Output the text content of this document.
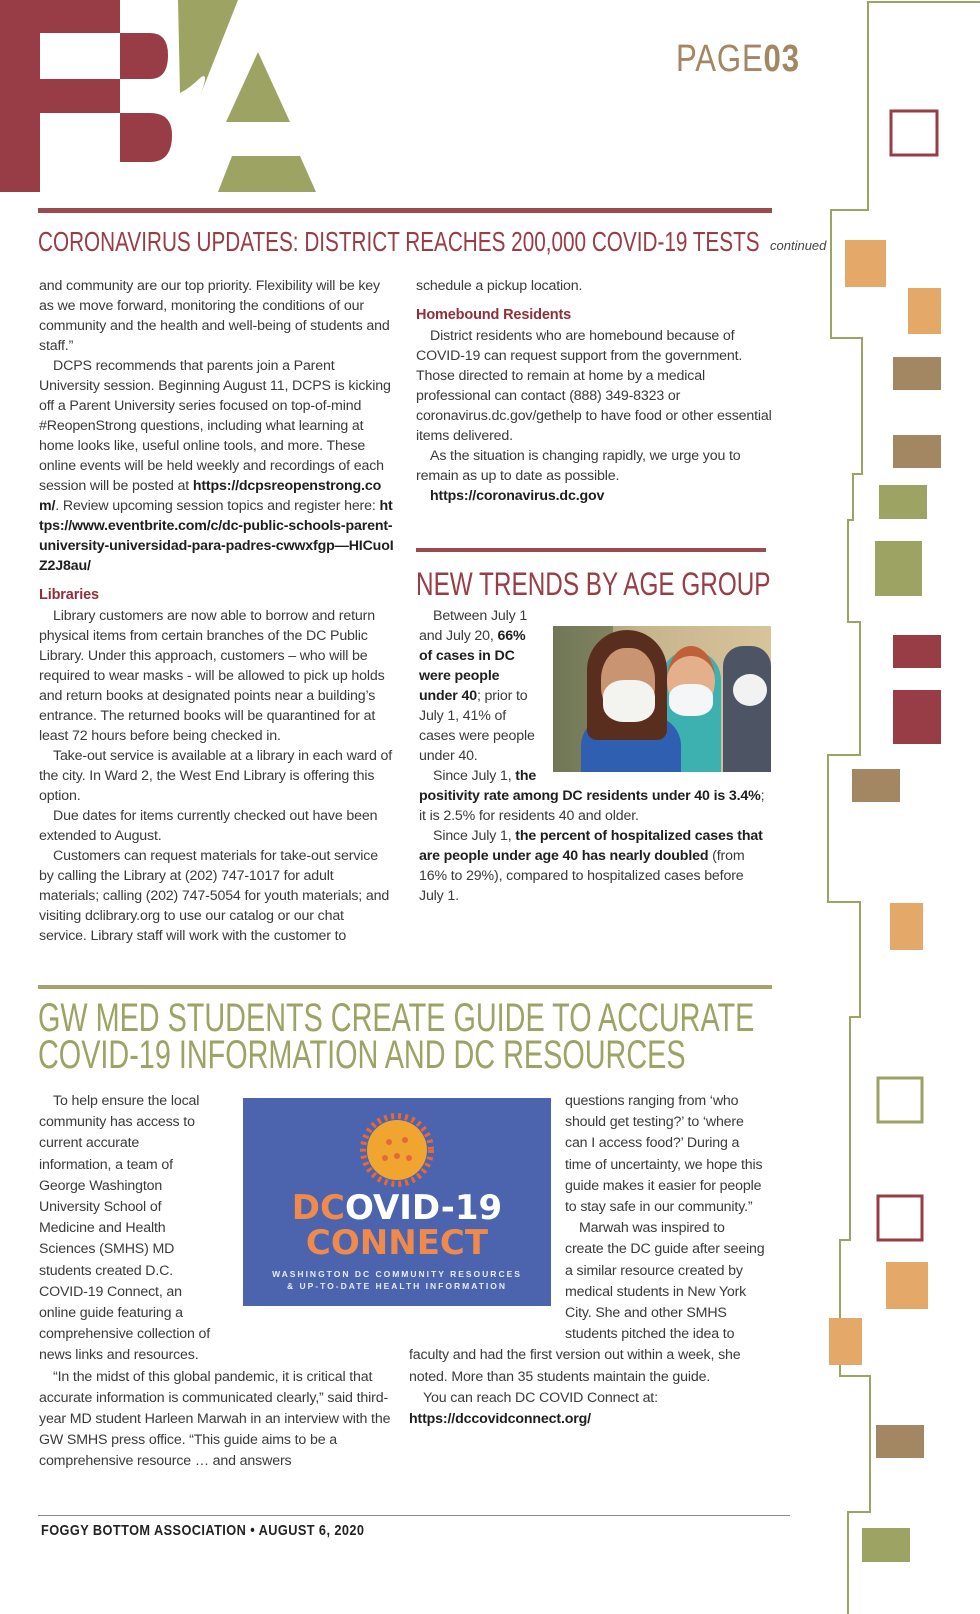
PAGE03
CORONAVIRUS UPDATES: DISTRICT REACHES 200,000 COVID-19 TESTS continued

and community are our top priority. Flexibility will be key as we move forward, monitoring the conditions of our community and the health and well-being of students and staff.”

DCPS recommends that parents join a Parent University session. Beginning August 11, DCPS is kicking off a Parent University series focused on top-of-mind #ReopenStrong questions, including what learning at home looks like, useful online tools, and more. These online events will be held weekly and recordings of each session will be posted at https://dcpsreopenstrong.com/. Review upcoming session topics and register here: https://www.eventbrite.com/c/dc-public-schools-parent-university-universidad-para-padres-cwwxfgp—HICuoIZ2J8au/

Libraries

Library customers are now able to borrow and return physical items from certain branches of the DC Public Library. Under this approach, customers – who will be required to wear masks - will be allowed to pick up holds and return books at designated points near a building’s entrance. The returned books will be quarantined for at least 72 hours before being checked in.

Take-out service is available at a library in each ward of the city. In Ward 2, the West End Library is offering this option.

Due dates for items currently checked out have been extended to August.

Customers can request materials for take-out service by calling the Library at (202) 747-1017 for adult materials; calling (202) 747-5054 for youth materials; and visiting dclibrary.org to use our catalog or our chat service. Library staff will work with the customer to

schedule a pickup location.

Homebound Residents

District residents who are homebound because of COVID-19 can request support from the government. Those directed to remain at home by a medical professional can contact (888) 349-8323 or coronavirus.dc.gov/gethelp to have food or other essential items delivered.

As the situation is changing rapidly, we urge you to remain as up to date as possible.

https://coronavirus.dc.gov

NEW TRENDS BY AGE GROUP

Between July 1 and July 20, 66% of cases in DC were people under 40; prior to July 1, 41% of cases were people under 40.

Since July 1, the positivity rate among DC residents under 40 is 3.4%; it is 2.5% for residents 40 and older.

Since July 1, the percent of hospitalized cases that are people under age 40 has nearly doubled (from 16% to 29%), compared to hospitalized cases before July 1.

GW MED STUDENTS CREATE GUIDE TO ACCURATE
COVID-19 INFORMATION AND DC RESOURCES

To help ensure the local community has access to current accurate information, a team of George Washington University School of Medicine and Health Sciences (SMHS) MD students created D.C. COVID-19 Connect, an online guide featuring a comprehensive collection of news links and resources.

“In the midst of this global pandemic, it is critical that accurate information is communicated clearly,” said third-year MD student Harleen Marwah in an interview with the GW SMHS press office. “This guide aims to be a comprehensive resource … and answers

DCOVID-19
CONNECT
WASHINGTON DC COMMUNITY RESOURCES
& UP-TO-DATE HEALTH INFORMATION

questions ranging from ‘who should get testing?’ to ‘where can I access food?’ During a time of uncertainty, we hope this guide makes it easier for people to stay safe in our community.”

Marwah was inspired to create the DC guide after seeing a similar resource created by medical students in New York City. She and other SMHS students pitched the idea to faculty and had the first version out within a week, she noted. More than 35 students maintain the guide.

You can reach DC COVID Connect at:

https://dccovidconnect.org/

FOGGY BOTTOM ASSOCIATION • AUGUST 6, 2020
